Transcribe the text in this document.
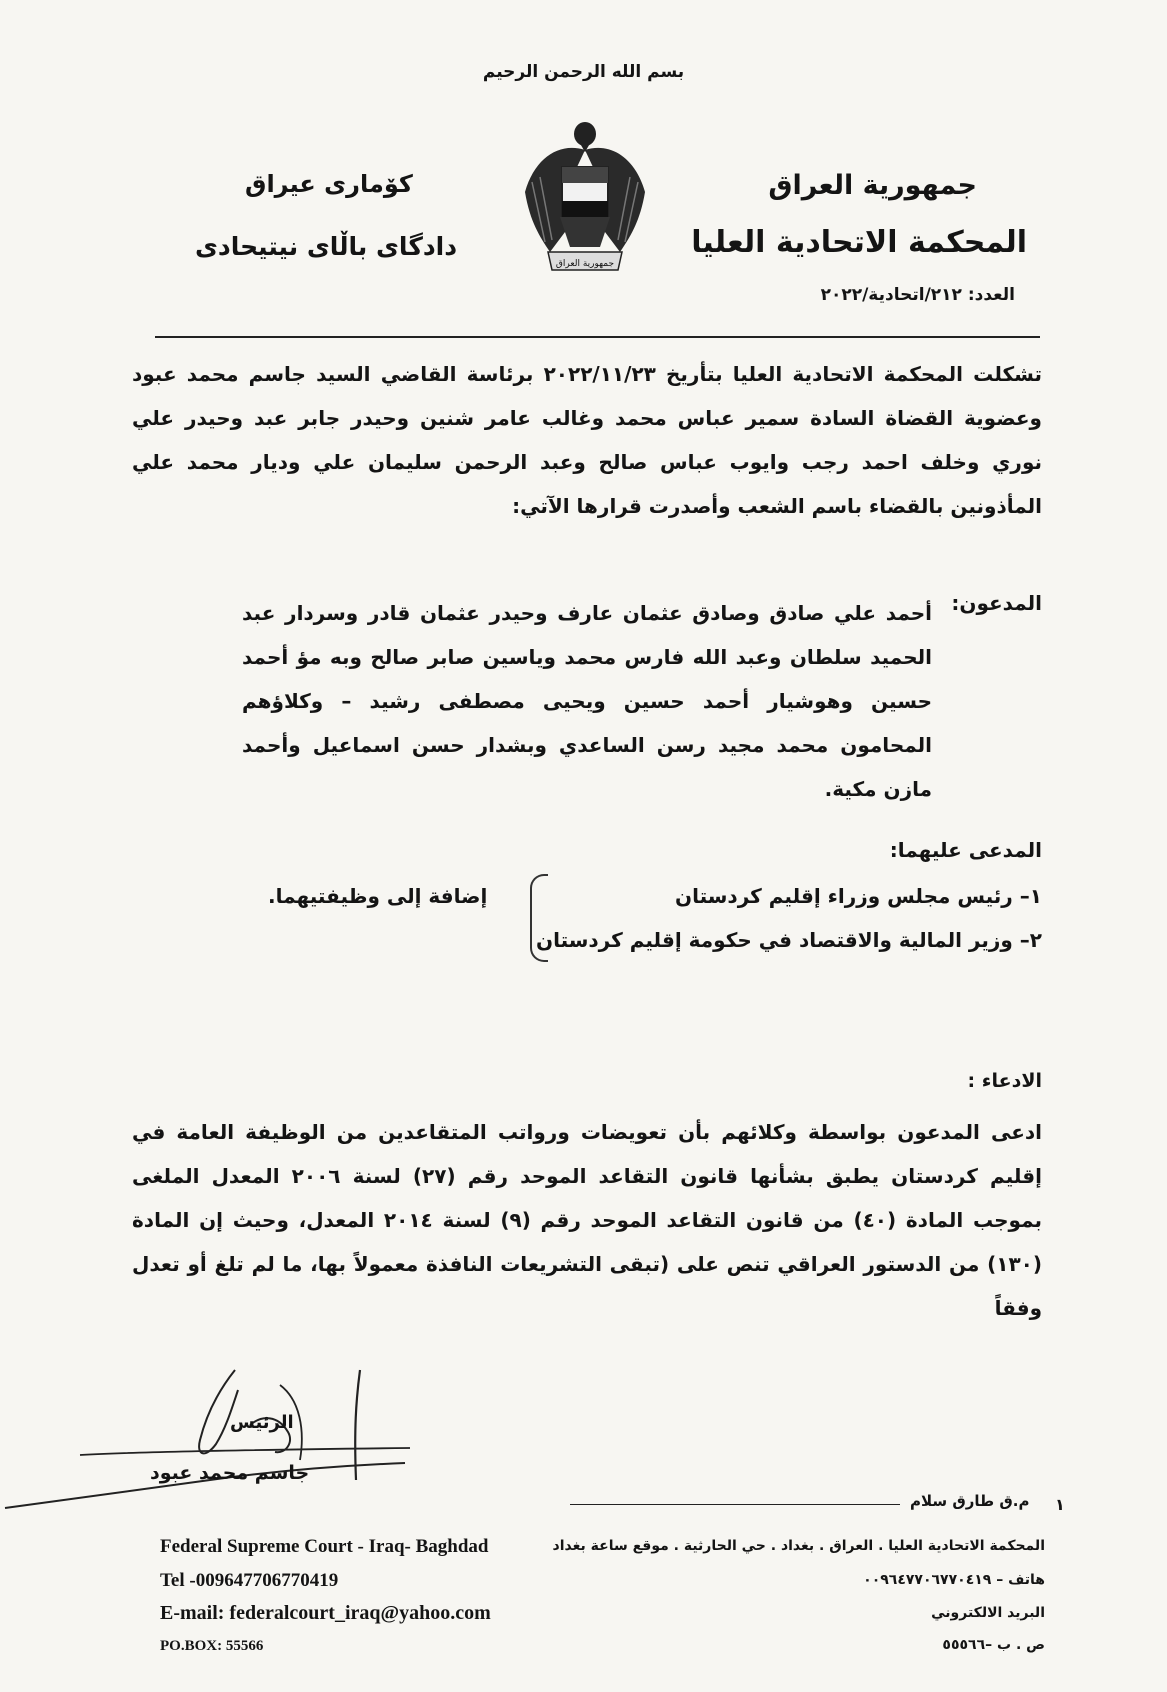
بسم الله الرحمن الرحيم
جمهورية العراق
المحكمة الاتحادية العليا
كۆمارى عيراق
دادگاى باڵاى نيتيحادى
العدد: ٢١٢/اتحادية/٢٠٢٢
جمهورية العراق
تشكلت المحكمة الاتحادية العليا بتأريخ ٢٠٢٢/١١/٢٣ برئاسة القاضي السيد جاسم محمد عبود وعضوية القضاة السادة سمير عباس محمد وغالب عامر شنين وحيدر جابر عبد وحيدر علي نوري وخلف احمد رجب وايوب عباس صالح وعبد الرحمن سليمان علي وديار محمد علي المأذونين بالقضاء باسم الشعب وأصدرت قرارها الآتي:
المدعون:
أحمد علي صادق وصادق عثمان عارف وحيدر عثمان قادر وسردار عبد الحميد سلطان وعبد الله فارس محمد وياسين صابر صالح وبه مؤ أحمد حسين وهوشيار أحمد حسين ويحيى مصطفى رشيد – وكلاؤهم المحامون محمد مجيد رسن الساعدي وبشدار حسن اسماعيل وأحمد مازن مكية.
المدعى عليهما:
١– رئيس مجلس وزراء إقليم كردستان
٢– وزير المالية والاقتصاد في حكومة إقليم كردستان
إضافة إلى وظيفتيهما.
الادعاء :
ادعى المدعون بواسطة وكلائهم بأن تعويضات ورواتب المتقاعدين من الوظيفة العامة في إقليم كردستان يطبق بشأنها قانون التقاعد الموحد رقم (٢٧) لسنة ٢٠٠٦ المعدل الملغى بموجب المادة (٤٠) من قانون التقاعد الموحد رقم (٩) لسنة ٢٠١٤ المعدل، وحيث إن المادة (١٣٠) من الدستور العراقي تنص على (تبقى التشريعات النافذة معمولاً بها، ما لم تلغ أو تعدل وفقاً
الرئيس
جاسم محمد عبود
١
م.ق طارق سلام
Federal Supreme Court - Iraq- Baghdad
Tel -009647706770419
E-mail: federalcourt_iraq@yahoo.com
PO.BOX: 55566
المحكمة الاتحادية العليا . العراق . بغداد . حي الحارثية . موقع ساعة بغداد
هاتف – ٠٠٩٦٤٧٧٠٦٧٧٠٤١٩
البريد الالكتروني
ص . ب –٥٥٥٦٦
